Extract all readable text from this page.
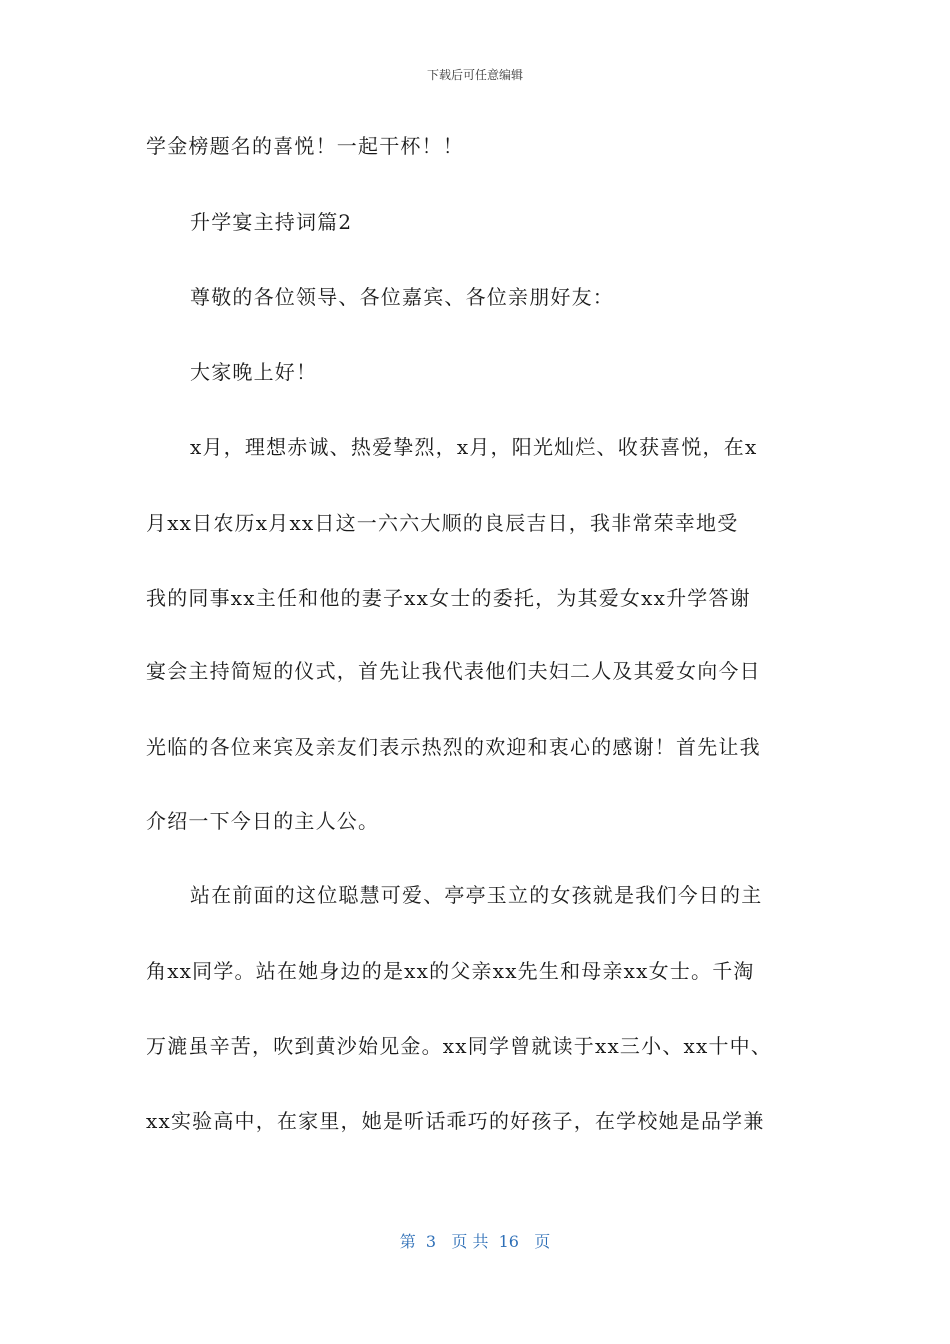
下载后可任意编辑
学金榜题名的喜悦！一起干杯！！
升学宴主持词篇2
尊敬的各位领导、各位嘉宾、各位亲朋好友：
大家晚上好！
x月，理想赤诚、热爱挚烈，x月，阳光灿烂、收获喜悦，在x
月xx日农历x月xx日这一六六大顺的良辰吉日，我非常荣幸地受
我的同事xx主任和他的妻子xx女士的委托，为其爱女xx升学答谢
宴会主持简短的仪式，首先让我代表他们夫妇二人及其爱女向今日
光临的各位来宾及亲友们表示热烈的欢迎和衷心的感谢！首先让我
介绍一下今日的主人公。
站在前面的这位聪慧可爱、亭亭玉立的女孩就是我们今日的主
角xx同学。站在她身边的是xx的父亲xx先生和母亲xx女士。千淘
万漉虽辛苦，吹到黄沙始见金。xx同学曾就读于xx三小、xx十中、
xx实验高中，在家里，她是听话乖巧的好孩子，在学校她是品学兼
第  3   页 共  16   页
